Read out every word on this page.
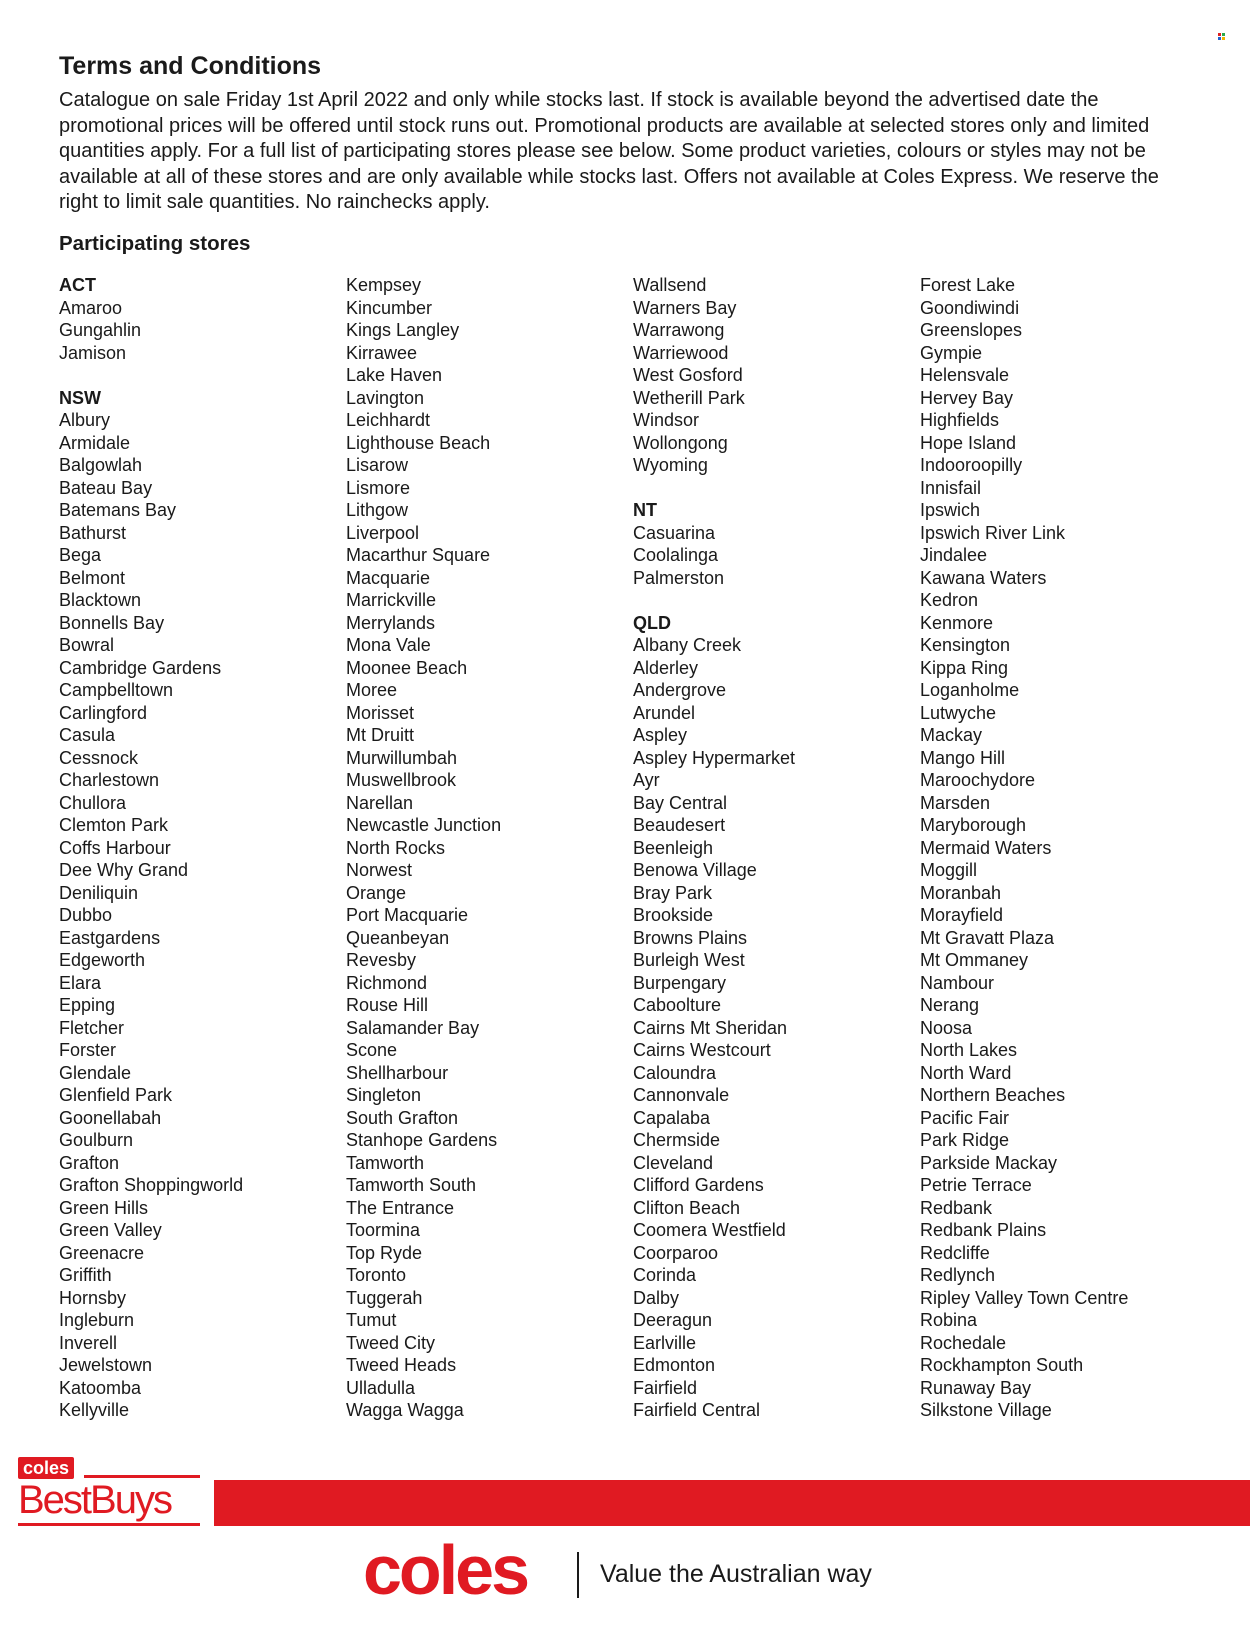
Terms and Conditions

Catalogue on sale Friday 1st April 2022 and only while stocks last. If stock is available beyond the advertised date the promotional prices will be offered until stock runs out. Promotional products are available at selected stores only and limited quantities apply. For a full list of participating stores please see below. Some product varieties, colours or styles may not be available at all of these stores and are only available while stocks last. Offers not available at Coles Express. We reserve the right to limit sale quantities. No rainchecks apply.

Participating stores
ACT
Amaroo
Gungahlin
Jamison
NSW
Albury
Armidale
Balgowlah
Bateau Bay
Batemans Bay
Bathurst
Bega
Belmont
Blacktown
Bonnells Bay
Bowral
Cambridge Gardens
Campbelltown
Carlingford
Casula
Cessnock
Charlestown
Chullora
Clemton Park
Coffs Harbour
Dee Why Grand
Deniliquin
Dubbo
Eastgardens
Edgeworth
Elara
Epping
Fletcher
Forster
Glendale
Glenfield Park
Goonellabah
Goulburn
Grafton
Grafton Shoppingworld
Green Hills
Green Valley
Greenacre
Griffith
Hornsby
Ingleburn
Inverell
Jewelstown
Katoomba
Kellyville
Kempsey
Kincumber
Kings Langley
Kirrawee
Lake Haven
Lavington
Leichhardt
Lighthouse Beach
Lisarow
Lismore
Lithgow
Liverpool
Macarthur Square
Macquarie
Marrickville
Merrylands
Mona Vale
Moonee Beach
Moree
Morisset
Mt Druitt
Murwillumbah
Muswellbrook
Narellan
Newcastle Junction
North Rocks
Norwest
Orange
Port Macquarie
Queanbeyan
Revesby
Richmond
Rouse Hill
Salamander Bay
Scone
Shellharbour
Singleton
South Grafton
Stanhope Gardens
Tamworth
Tamworth South
The Entrance
Toormina
Top Ryde
Toronto
Tuggerah
Tumut
Tweed City
Tweed Heads
Ulladulla
Wagga Wagga
Wallsend
Warners Bay
Warrawong
Warriewood
West Gosford
Wetherill Park
Windsor
Wollongong
Wyoming
NT
Casuarina
Coolalinga
Palmerston
QLD
Albany Creek
Alderley
Andergrove
Arundel
Aspley
Aspley Hypermarket
Ayr
Bay Central
Beaudesert
Beenleigh
Benowa Village
Bray Park
Brookside
Browns Plains
Burleigh West
Burpengary
Caboolture
Cairns Mt Sheridan
Cairns Westcourt
Caloundra
Cannonvale
Capalaba
Chermside
Cleveland
Clifford Gardens
Clifton Beach
Coomera Westfield
Coorparoo
Corinda
Dalby
Deeragun
Earlville
Edmonton
Fairfield
Fairfield Central
Forest Lake
Goondiwindi
Greenslopes
Gympie
Helensvale
Hervey Bay
Highfields
Hope Island
Indooroopilly
Innisfail
Ipswich
Ipswich River Link
Jindalee
Kawana Waters
Kedron
Kenmore
Kensington
Kippa Ring
Loganholme
Lutwyche
Mackay
Mango Hill
Maroochydore
Marsden
Maryborough
Mermaid Waters
Moggill
Moranbah
Morayfield
Mt Gravatt Plaza
Mt Ommaney
Nambour
Nerang
Noosa
North Lakes
North Ward
Northern Beaches
Pacific Fair
Park Ridge
Parkside Mackay
Petrie Terrace
Redbank
Redbank Plains
Redcliffe
Redlynch
Ripley Valley Town Centre
Robina
Rochedale
Rockhampton South
Runaway Bay
Silkstone Village
coles
BestBuys
coles	Value the Australian way
